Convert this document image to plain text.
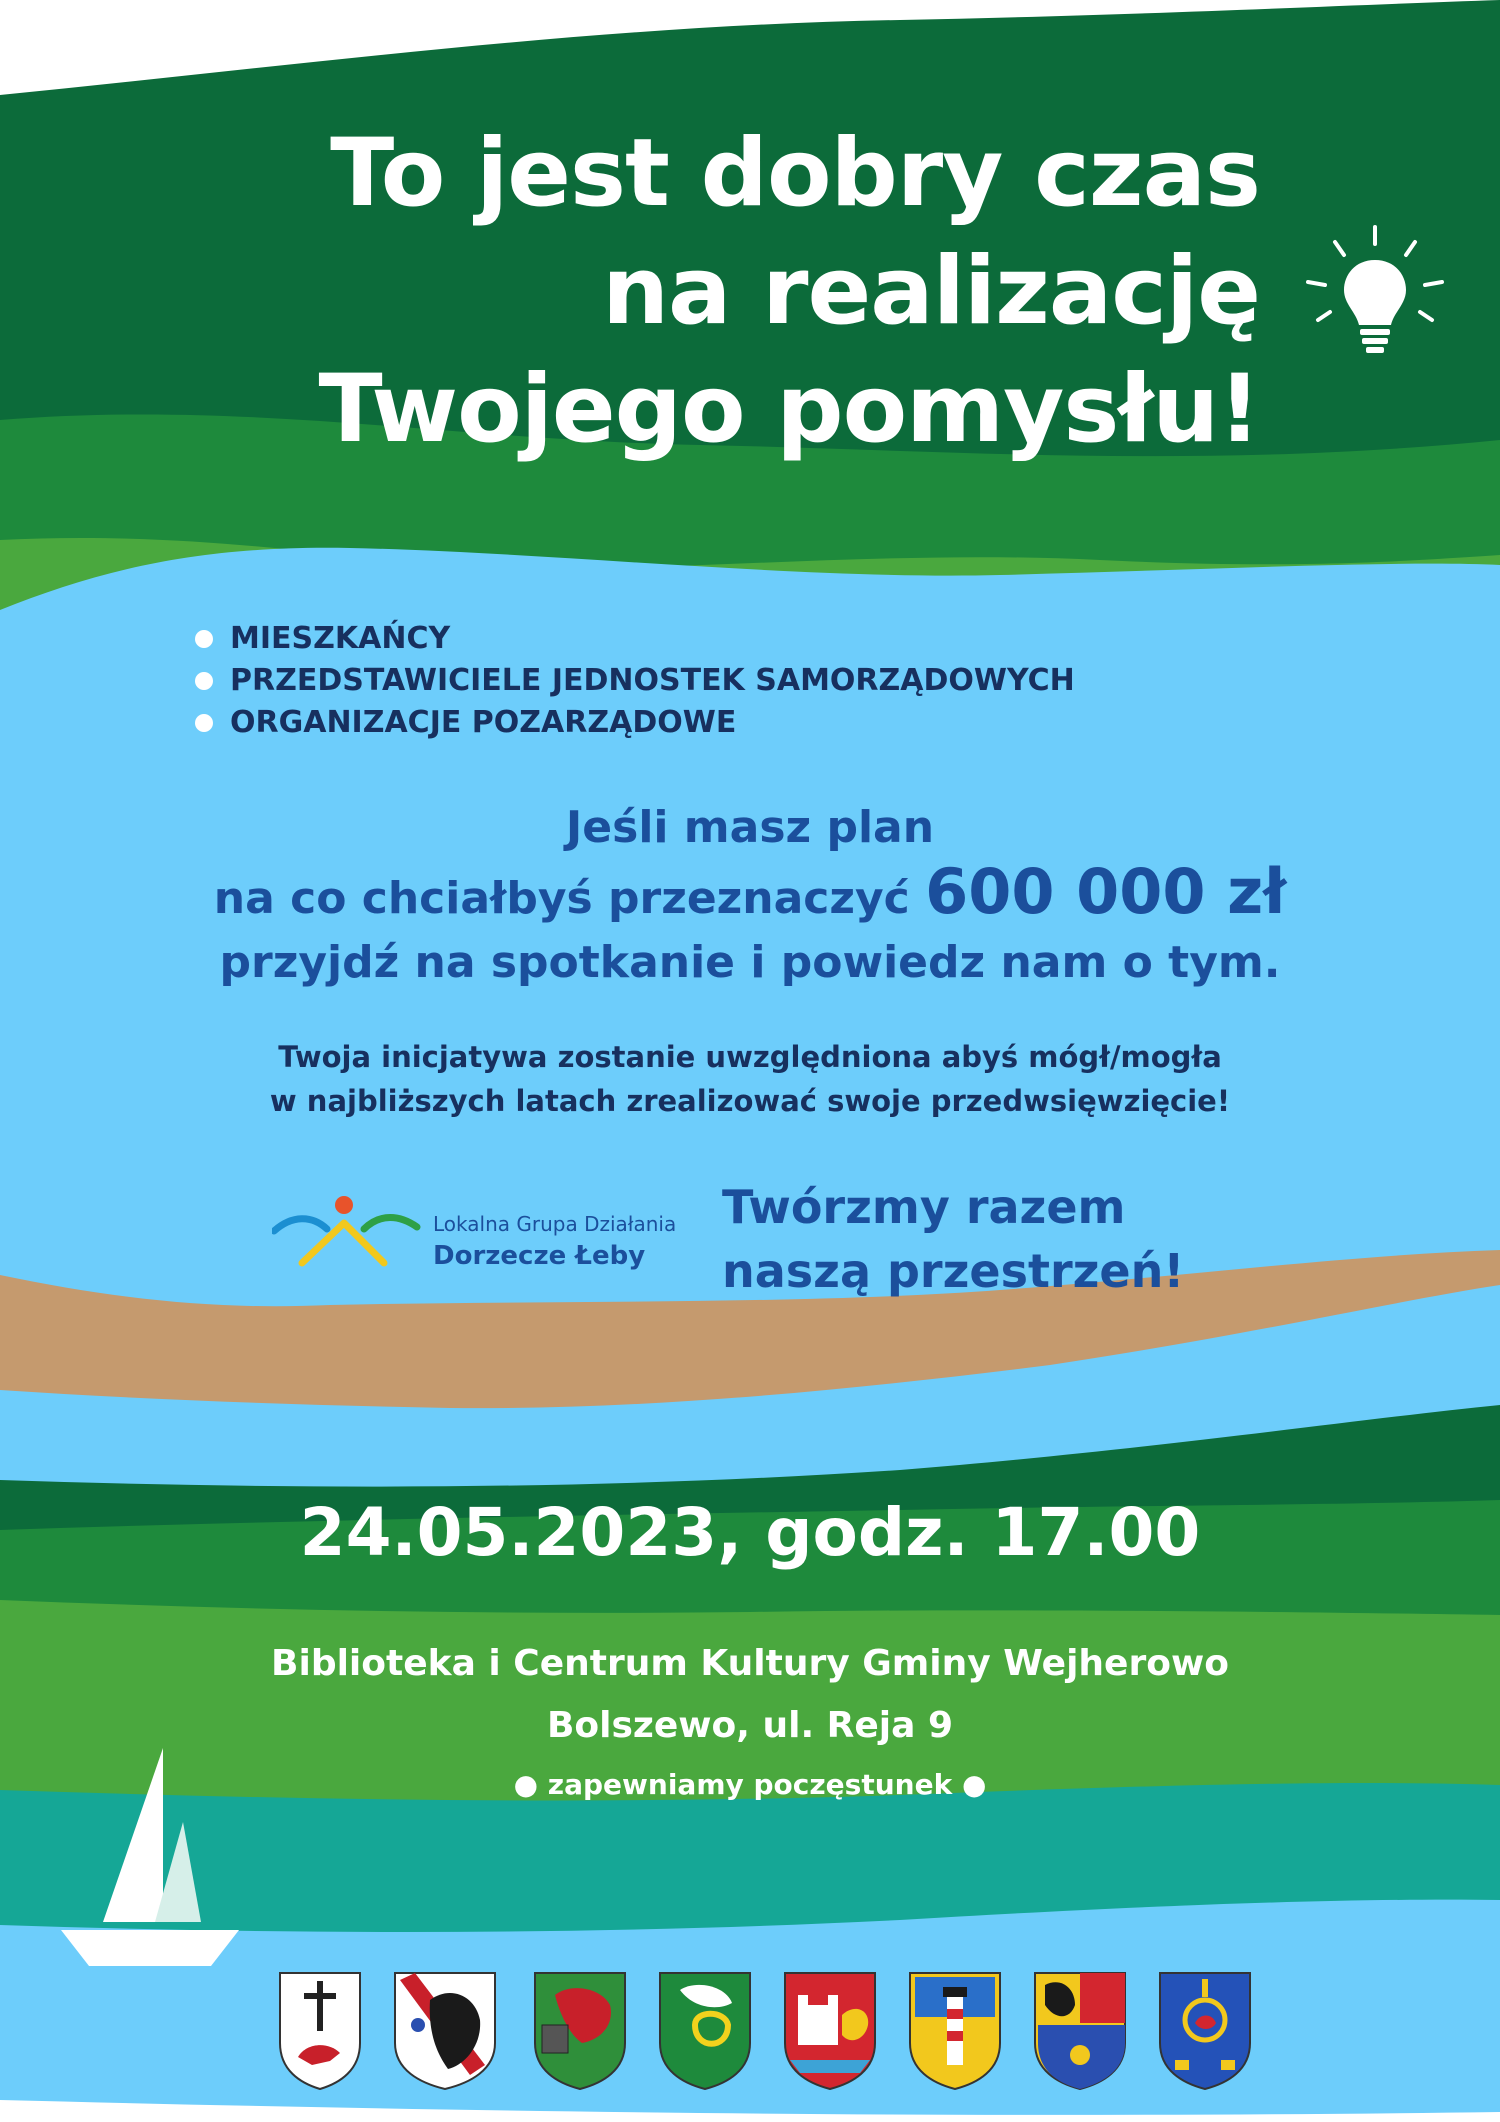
To jest dobry czas
na realizację
Twojego pomysłu!
MIESZKAŃCY
PRZEDSTAWICIELE JEDNOSTEK SAMORZĄDOWYCH
ORGANIZACJE POZARZĄDOWE
Jeśli masz plan
na co chciałbyś przeznaczyć 600 000 zł
przyjdź na spotkanie i powiedz nam o tym.
Twoja inicjatywa zostanie uwzględniona abyś mógł/mogła
w najbliższych latach zrealizować swoje przedwsięwzięcie!
Lokalna Grupa Działania
Dorzecze Łeby
Twórzmy razem
naszą przestrzeń!
24.05.2023, godz. 17.00
Biblioteka i Centrum Kultury Gminy Wejherowo
Bolszewo, ul. Reja 9
● zapewniamy poczęstunek ●
